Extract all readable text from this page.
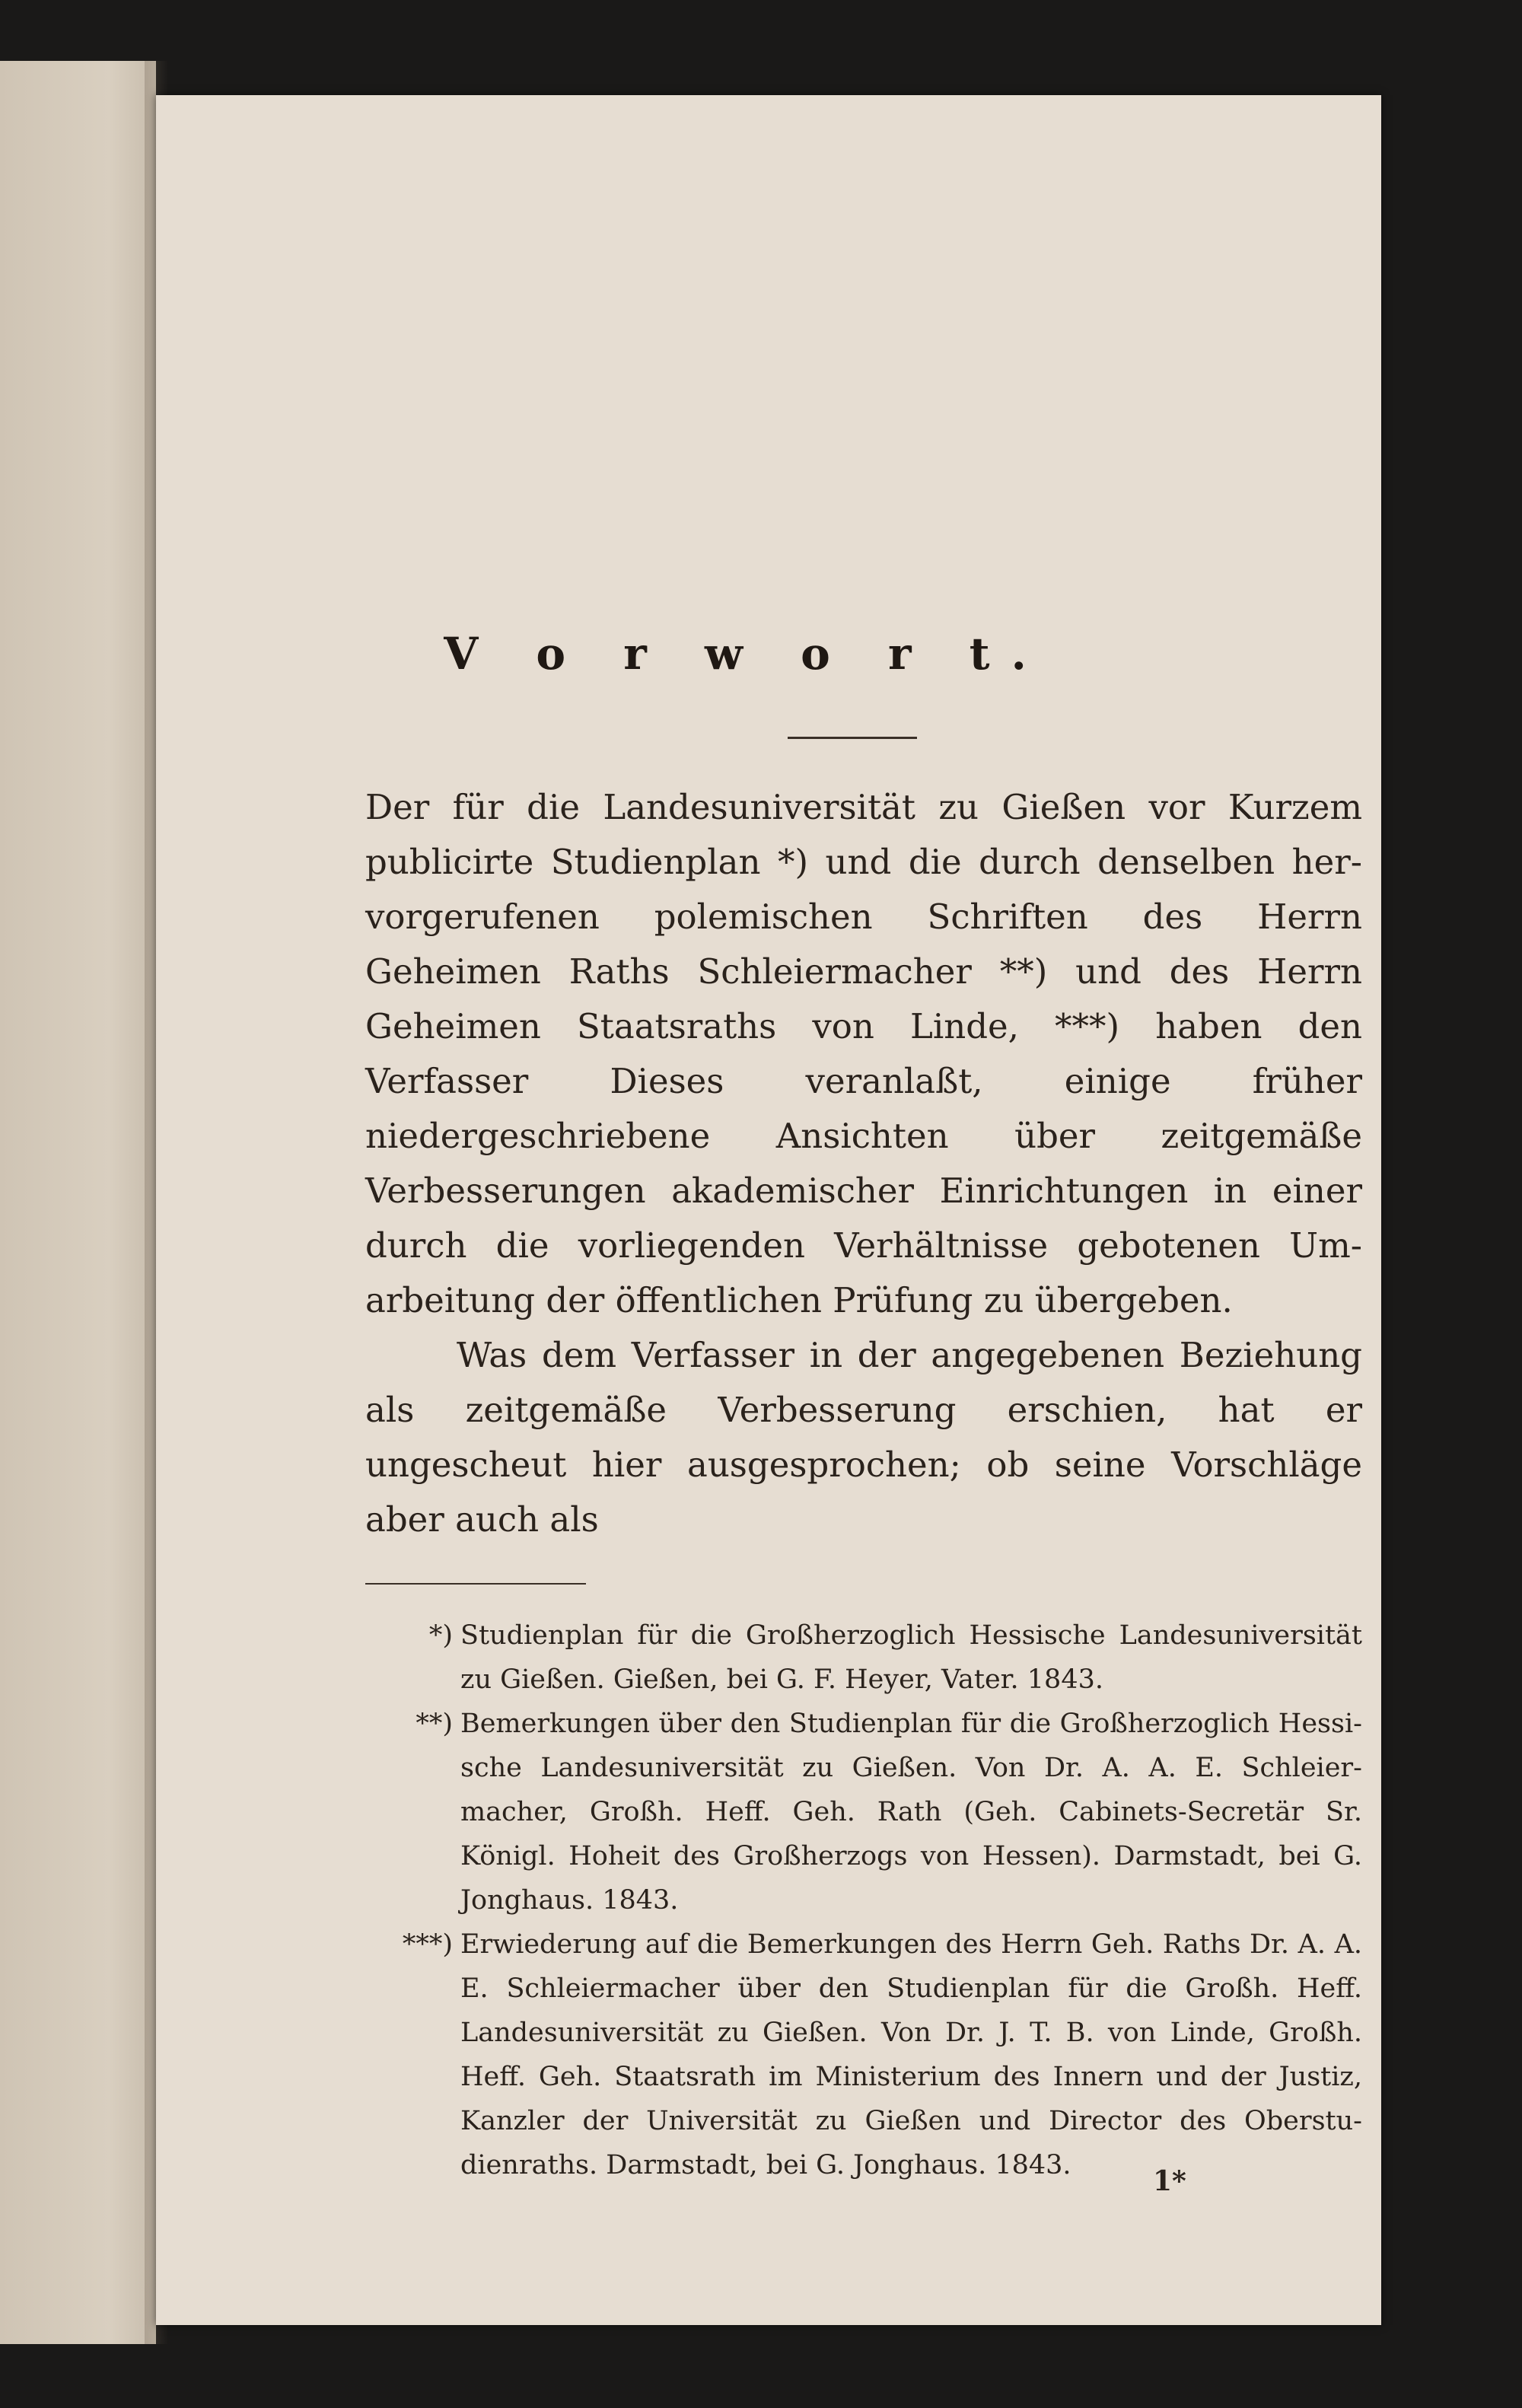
V o r w o r t.

Der für die Landesuniversität zu Gießen vor Kurzem publicirte Studienplan *) und die durch denselben hervorgerufenen polemischen Schriften des Herrn Geheimen Raths Schleiermacher **) und des Herrn Geheimen Staatsraths von Linde, ***) haben den Verfasser Dieses veranlaßt, einige früher niedergeschriebene Ansichten über zeitgemäße Verbesserungen akademischer Einrichtungen in einer durch die vorliegenden Verhältnisse gebotenen Umarbeitung der öffentlichen Prüfung zu übergeben.

Was dem Verfasser in der angegebenen Beziehung als zeitgemäße Verbesserung erschien, hat er ungescheut hier ausgesprochen; ob seine Vorschläge aber auch als

*) Studienplan für die Großherzoglich Hessische Landesuniversität zu Gießen. Gießen, bei G. F. Heyer, Vater. 1843.
**) Bemerkungen über den Studienplan für die Großherzoglich Hessische Landesuniversität zu Gießen. Von Dr. A. A. E. Schleiermacher, Großh. Heff. Geh. Rath (Geh. Cabinets-Secretär Sr. Königl. Hoheit des Großherzogs von Hessen). Darmstadt, bei G. Jonghaus. 1843.
***) Erwiederung auf die Bemerkungen des Herrn Geh. Raths Dr. A. A. E. Schleiermacher über den Studienplan für die Großh. Heff. Landesuniversität zu Gießen. Von Dr. J. T. B. von Linde, Großh. Heff. Geh. Staatsrath im Ministerium des Innern und der Justiz, Kanzler der Universität zu Gießen und Director des Oberstudienraths. Darmstadt, bei G. Jonghaus. 1843.	1*
